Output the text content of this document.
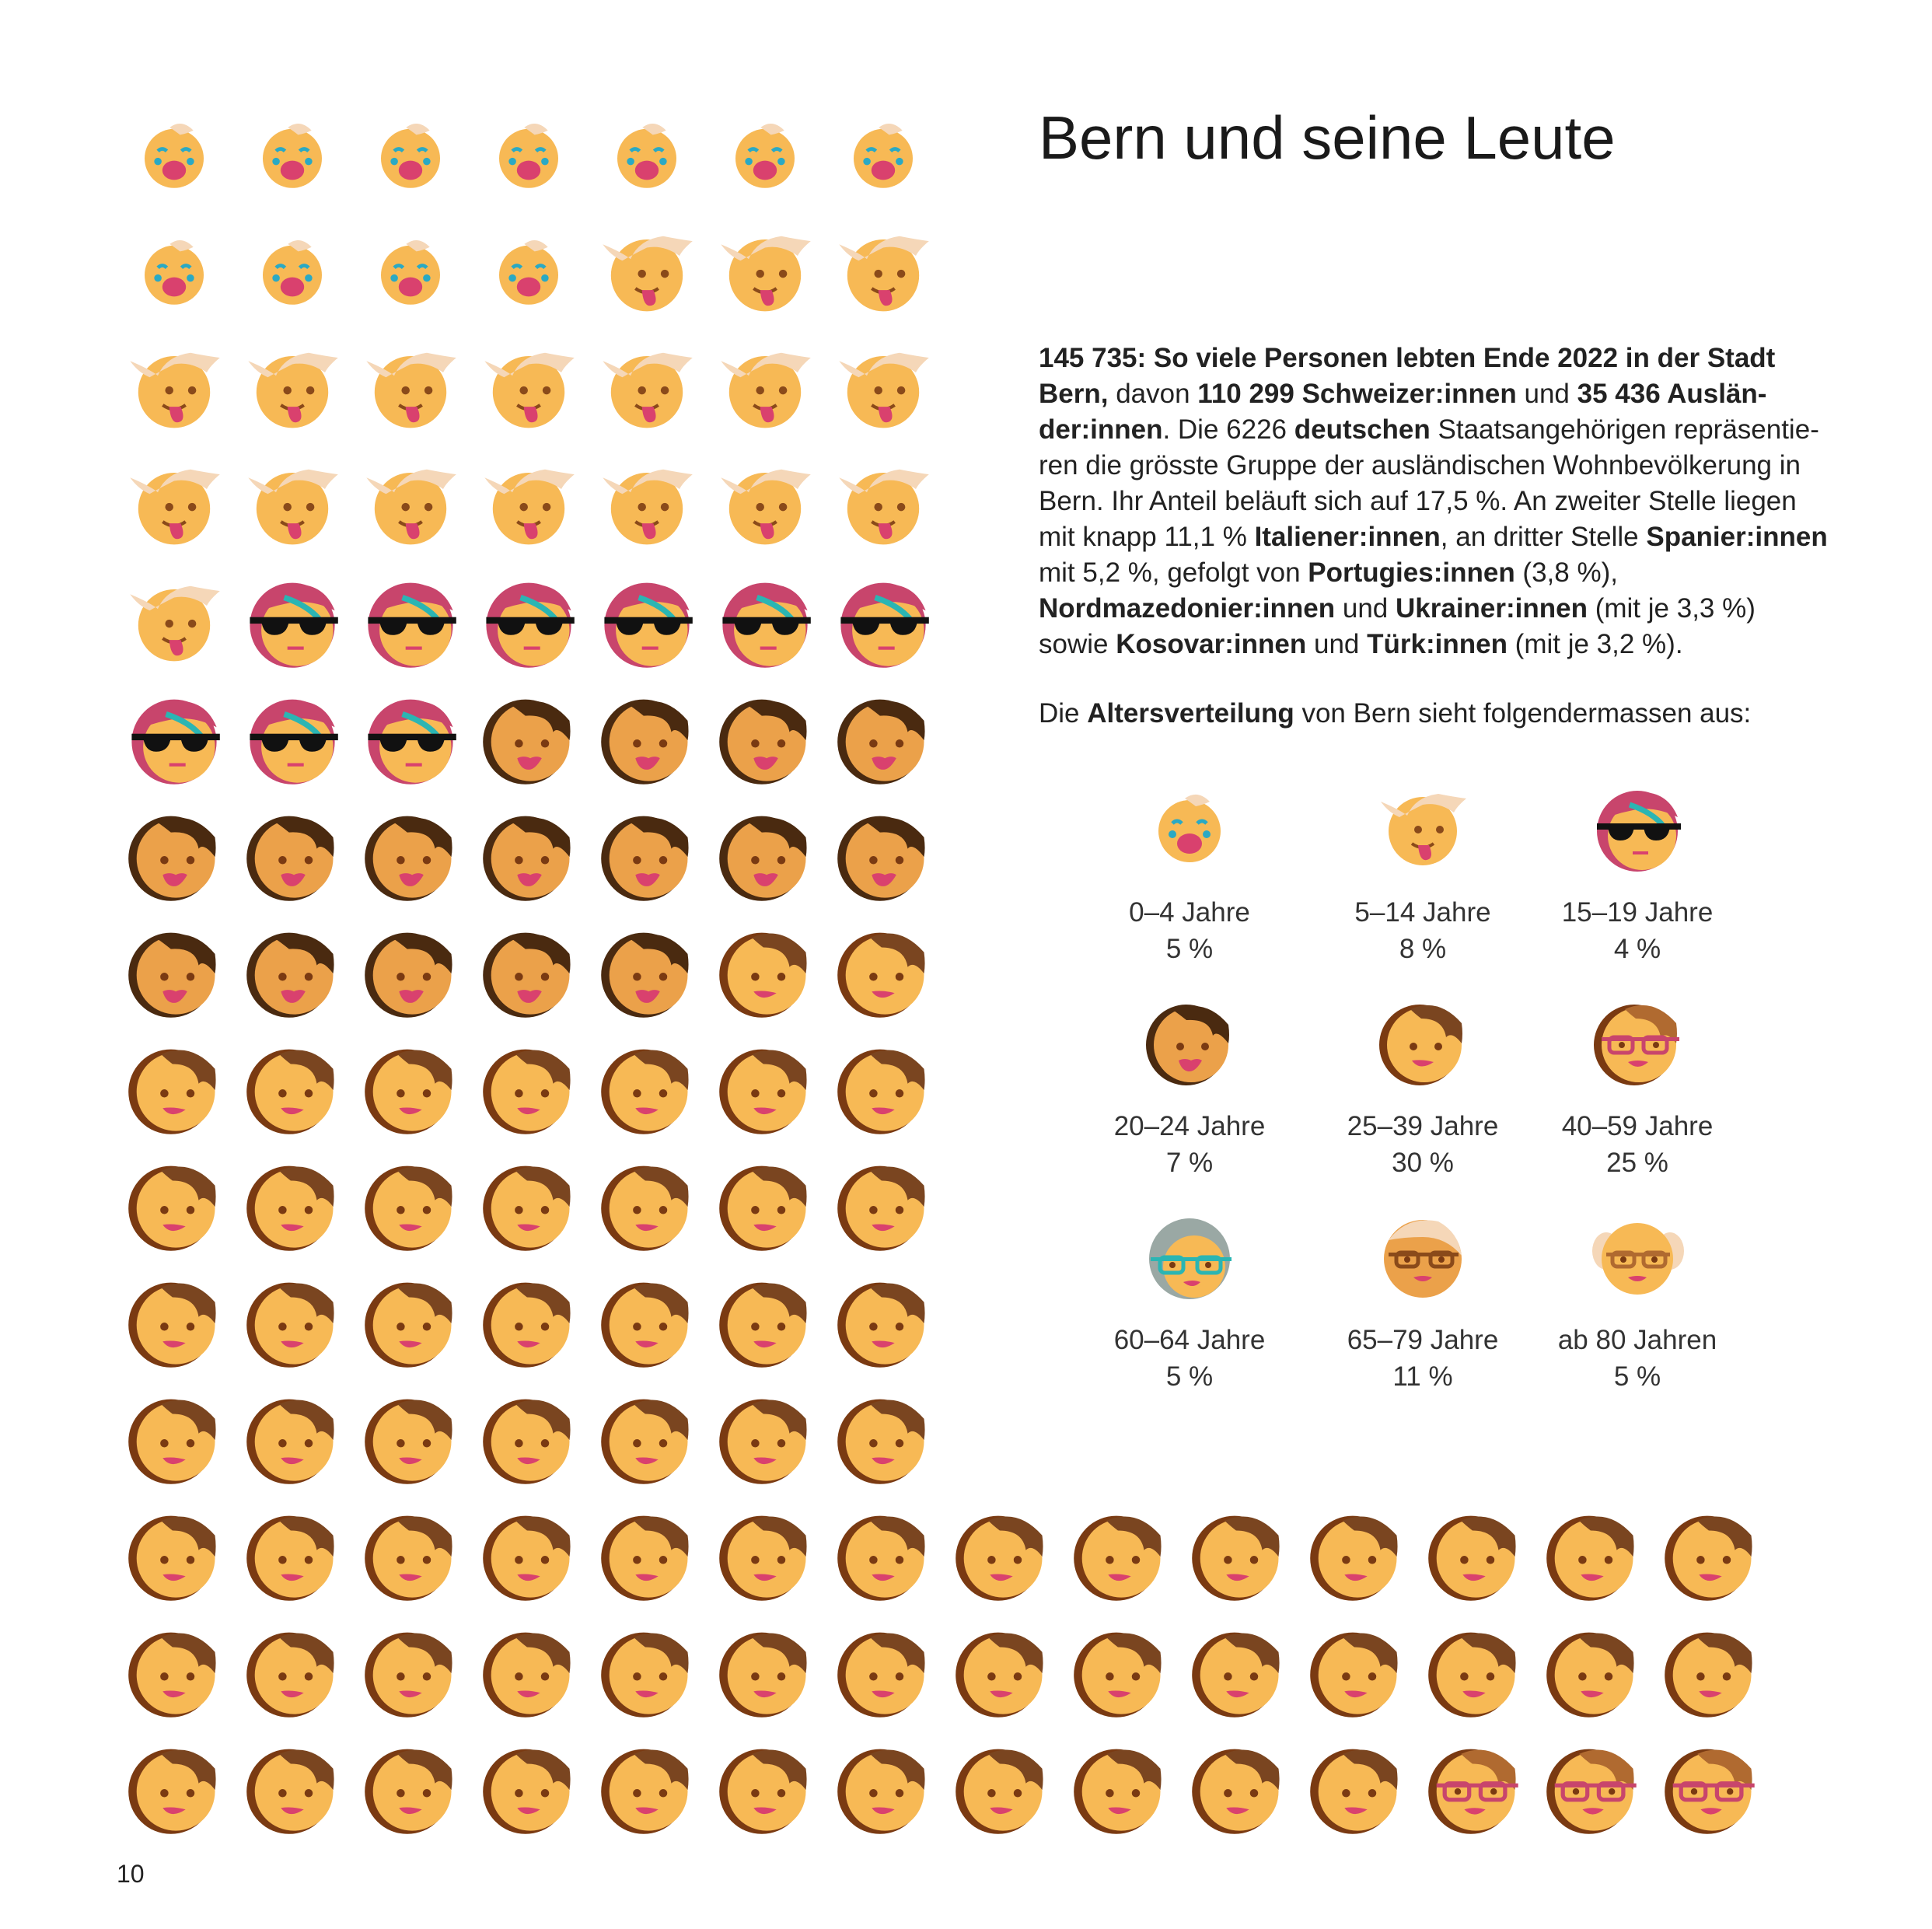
Bern und seine Leute

145 735: So viele Personen lebten Ende 2022 in der Stadt Bern, davon 110 299 Schweizer:innen und 35 436 Ausländer:innen. Die 6226 deutschen Staatsangehörigen repräsentieren die grösste Gruppe der ausländischen Wohnbevölkerung in Bern. Ihr Anteil beläuft sich auf 17,5 %. An zweiter Stelle liegen mit knapp 11,1 % Italiener:innen, an dritter Stelle Spanier:innen mit 5,2 %, gefolgt von Portugies:innen (3,8 %), Nordmazedonier:innen und Ukrainer:innen (mit je 3,3 %) sowie Kosovar:innen und Türk:innen (mit je 3,2 %).

Die Altersverteilung von Bern sieht folgendermassen aus:
0–4 Jahre
5 %
5–14 Jahre
8 %
15–19 Jahre
4 %
20–24 Jahre
7 %
25–39 Jahre
30 %
40–59 Jahre
25 %
60–64 Jahre
5 %
65–79 Jahre
11 %
ab 80 Jahren
5 %
10
